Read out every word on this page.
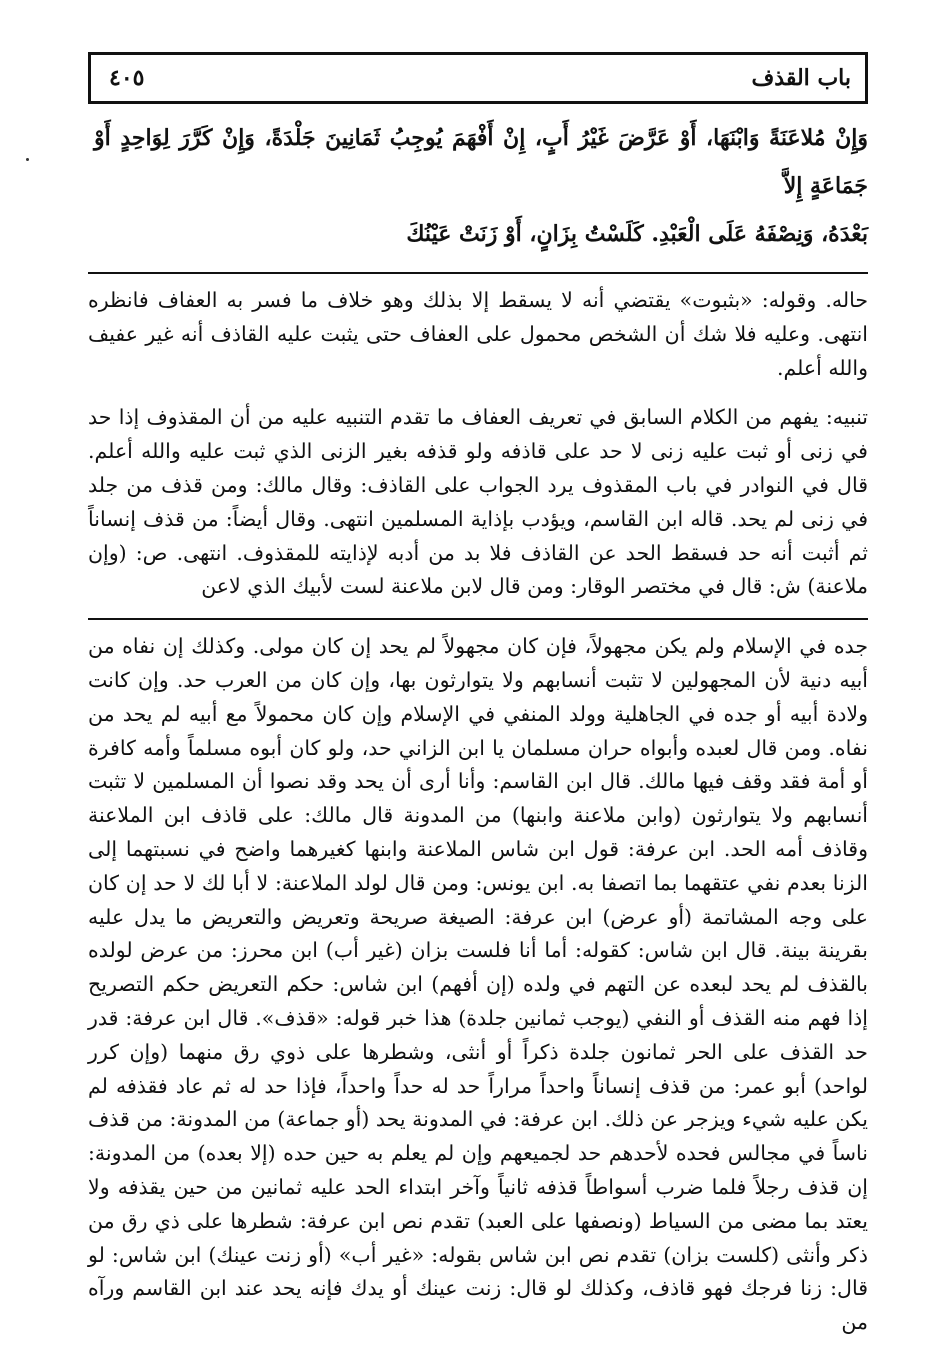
باب القذف
٤٠٥

وَإِنْ مُلاعَنَةً وَابْنَهَا، أَوْ عَرَّضَ غَيْرُ أَبٍ، إِنْ أَفْهَمَ يُوجِبُ ثَمَانِينَ جَلْدَةً، وَإِنْ كَرَّرَ لِوَاحِدٍ أَوْ جَمَاعَةٍ إِلاَّ

بَعْدَهُ، وَنِصْفَهُ عَلَى الْعَبْدِ. كَلَسْتُ بِزَانٍ، أَوْ زَنَتْ عَيْنُكَ

حاله. وقوله: «بثبوت» يقتضي أنه لا يسقط إلا بذلك وهو خلاف ما فسر به العفاف فانظره انتهى. وعليه فلا شك أن الشخص محمول على العفاف حتى يثبت عليه القاذف أنه غير عفيف والله أعلم.

تنبيه: يفهم من الكلام السابق في تعريف العفاف ما تقدم التنبيه عليه من أن المقذوف إذا حد في زنى أو ثبت عليه زنى لا حد على قاذفه ولو قذفه بغير الزنى الذي ثبت عليه والله أعلم. قال في النوادر في باب المقذوف يرد الجواب على القاذف: وقال مالك: ومن قذف من جلد في زنى لم يحد. قاله ابن القاسم، ويؤدب بإذاية المسلمين انتهى. وقال أيضاً: من قذف إنساناً ثم أثبت أنه حد فسقط الحد عن القاذف فلا بد من أدبه لإذايته للمقذوف. انتهى. ص: (وإن ملاعنة) ش: قال في مختصر الوقار: ومن قال لابن ملاعنة لست لأبيك الذي لاعن

جده في الإسلام ولم يكن مجهولاً، فإن كان مجهولاً لم يحد إن كان مولى. وكذلك إن نفاه من أبيه دنية لأن المجهولين لا تثبت أنسابهم ولا يتوارثون بها، وإن كان من العرب حد. وإن كانت ولادة أبيه أو جده في الجاهلية وولد المنفي في الإسلام وإن كان محمولاً مع أبيه لم يحد من نفاه. ومن قال لعبده وأبواه حران مسلمان يا ابن الزاني حد، ولو كان أبوه مسلماً وأمه كافرة أو أمة فقد وقف فيها مالك. قال ابن القاسم: وأنا أرى أن يحد وقد نصوا أن المسلمين لا تثبت أنسابهم ولا يتوارثون (وابن ملاعنة وابنها) من المدونة قال مالك: على قاذف ابن الملاعنة وقاذف أمه الحد. ابن عرفة: قول ابن شاس الملاعنة وابنها كغيرهما واضح في نسبتهما إلى الزنا بعدم نفي عتقهما بما اتصفا به. ابن يونس: ومن قال لولد الملاعنة: لا أبا لك لا حد إن كان على وجه المشاتمة (أو عرض) ابن عرفة: الصيغة صريحة وتعريض والتعريض ما يدل عليه بقرينة بينة. قال ابن شاس: كقوله: أما أنا فلست بزان (غير أب) ابن محرز: من عرض لولده بالقذف لم يحد لبعده عن التهم في ولده (إن أفهم) ابن شاس: حكم التعريض حكم التصريح إذا فهم منه القذف أو النفي (يوجب ثمانين جلدة) هذا خبر قوله: «قذف». قال ابن عرفة: قدر حد القذف على الحر ثمانون جلدة ذكراً أو أنثى، وشطرها على ذوي رق منهما (وإن كرر لواحد) أبو عمر: من قذف إنساناً واحداً مراراً حد له حداً واحداً، فإذا حد له ثم عاد فقذفه لم يكن عليه شيء ويزجر عن ذلك. ابن عرفة: في المدونة يحد (أو جماعة) من المدونة: من قذف ناساً في مجالس فحده لأحدهم حد لجميعهم وإن لم يعلم به حين حده (إلا بعده) من المدونة: إن قذف رجلاً فلما ضرب أسواطاً قذفه ثانياً وآخر ابتداء الحد عليه ثمانين من حين يقذفه ولا يعتد بما مضى من السياط (ونصفها على العبد) تقدم نص ابن عرفة: شطرها على ذي رق من ذكر وأنثى (كلست بزان) تقدم نص ابن شاس بقوله: «غير أب» (أو زنت عينك) ابن شاس: لو قال: زنا فرجك فهو قاذف، وكذلك لو قال: زنت عينك أو يدك فإنه يحد عند ابن القاسم ورآه من
